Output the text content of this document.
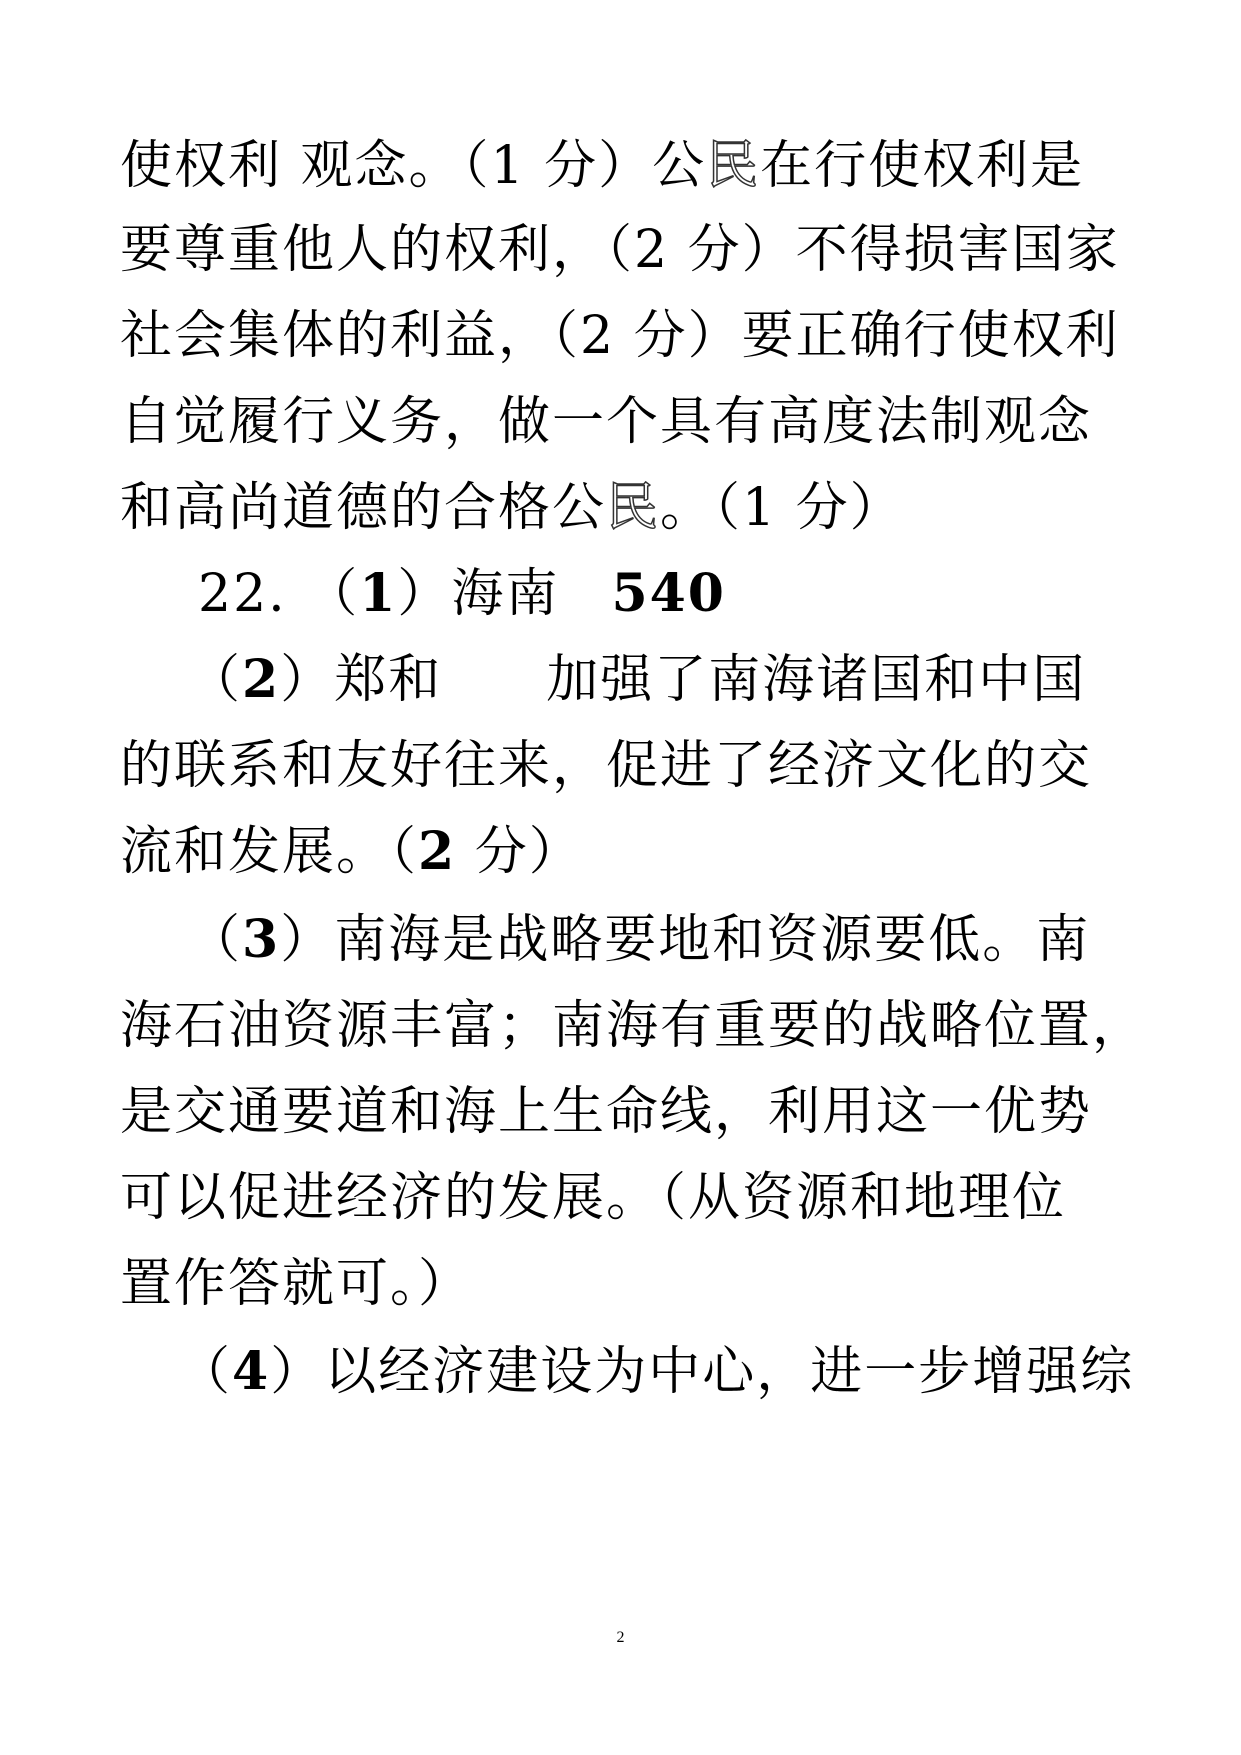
使权利 观念。（1 分）公民在行使权利是
要尊重他人的权利，（2 分）不得损害国家
社会集体的利益，（2 分）要正确行使权利
自觉履行义务，做一个具有高度法制观念
和高尚道德的合格公民。（1 分）
22. （1）海南 540
（2）郑和 加强了南海诸国和中国
的联系和友好往来，促进了经济文化的交
流和发展。（2 分）
（3）南海是战略要地和资源要低。南
海石油资源丰富；南海有重要的战略位置，
是交通要道和海上生命线，利用这一优势
可以促进经济的发展。（从资源和地理位
置作答就可。）
（4）以经济建设为中心，进一步增强综
2
